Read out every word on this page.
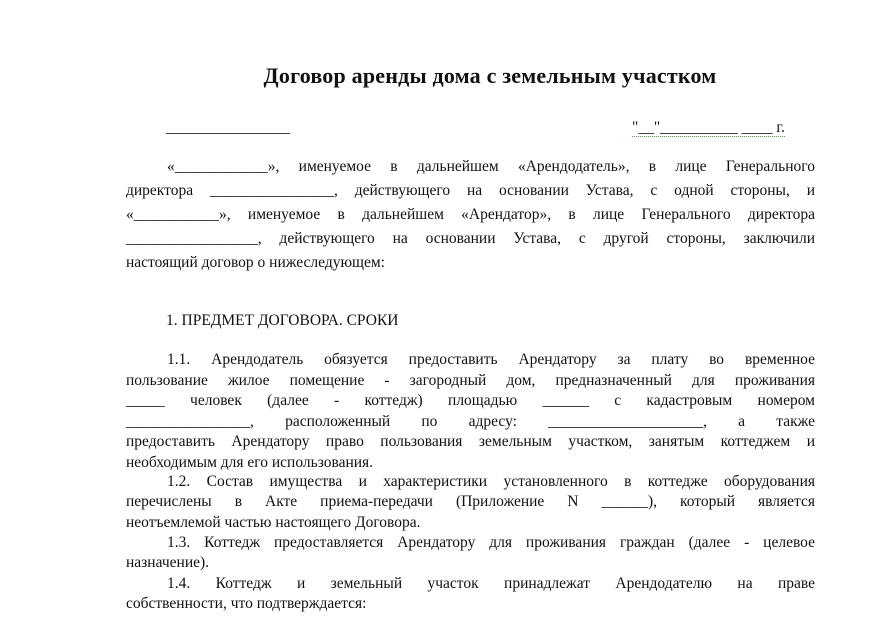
Договор аренды дома с земельным участком
________________	"__"__________ ____ г.
«____________», именуемое в дальнейшем «Арендодатель», в лице Генерального
директора ________________, действующего на основании Устава, с одной стороны, и
«___________», именуемое в дальнейшем «Арендатор», в лице Генерального директора
_________________, действующего на основании Устава, с другой стороны, заключили
настоящий договор о нижеследующем:
1. ПРЕДМЕТ ДОГОВОРА. СРОКИ
1.1. Арендодатель обязуется предоставить Арендатору за плату во временное
пользование жилое помещение - загородный дом, предназначенный для проживания
_____ человек (далее - коттедж) площадью ______ с кадастровым номером
________________, расположенный по адресу: ____________________, а также
предоставить Арендатору право пользования земельным участком, занятым коттеджем и
необходимым для его использования.
1.2. Состав имущества и характеристики установленного в коттедже оборудования
перечислены в Акте приема-передачи (Приложение N ______), который является
неотъемлемой частью настоящего Договора.
1.3. Коттедж предоставляется Арендатору для проживания граждан (далее - целевое
назначение).
1.4. Коттедж и земельный участок принадлежат Арендодателю на праве
собственности, что подтверждается:
